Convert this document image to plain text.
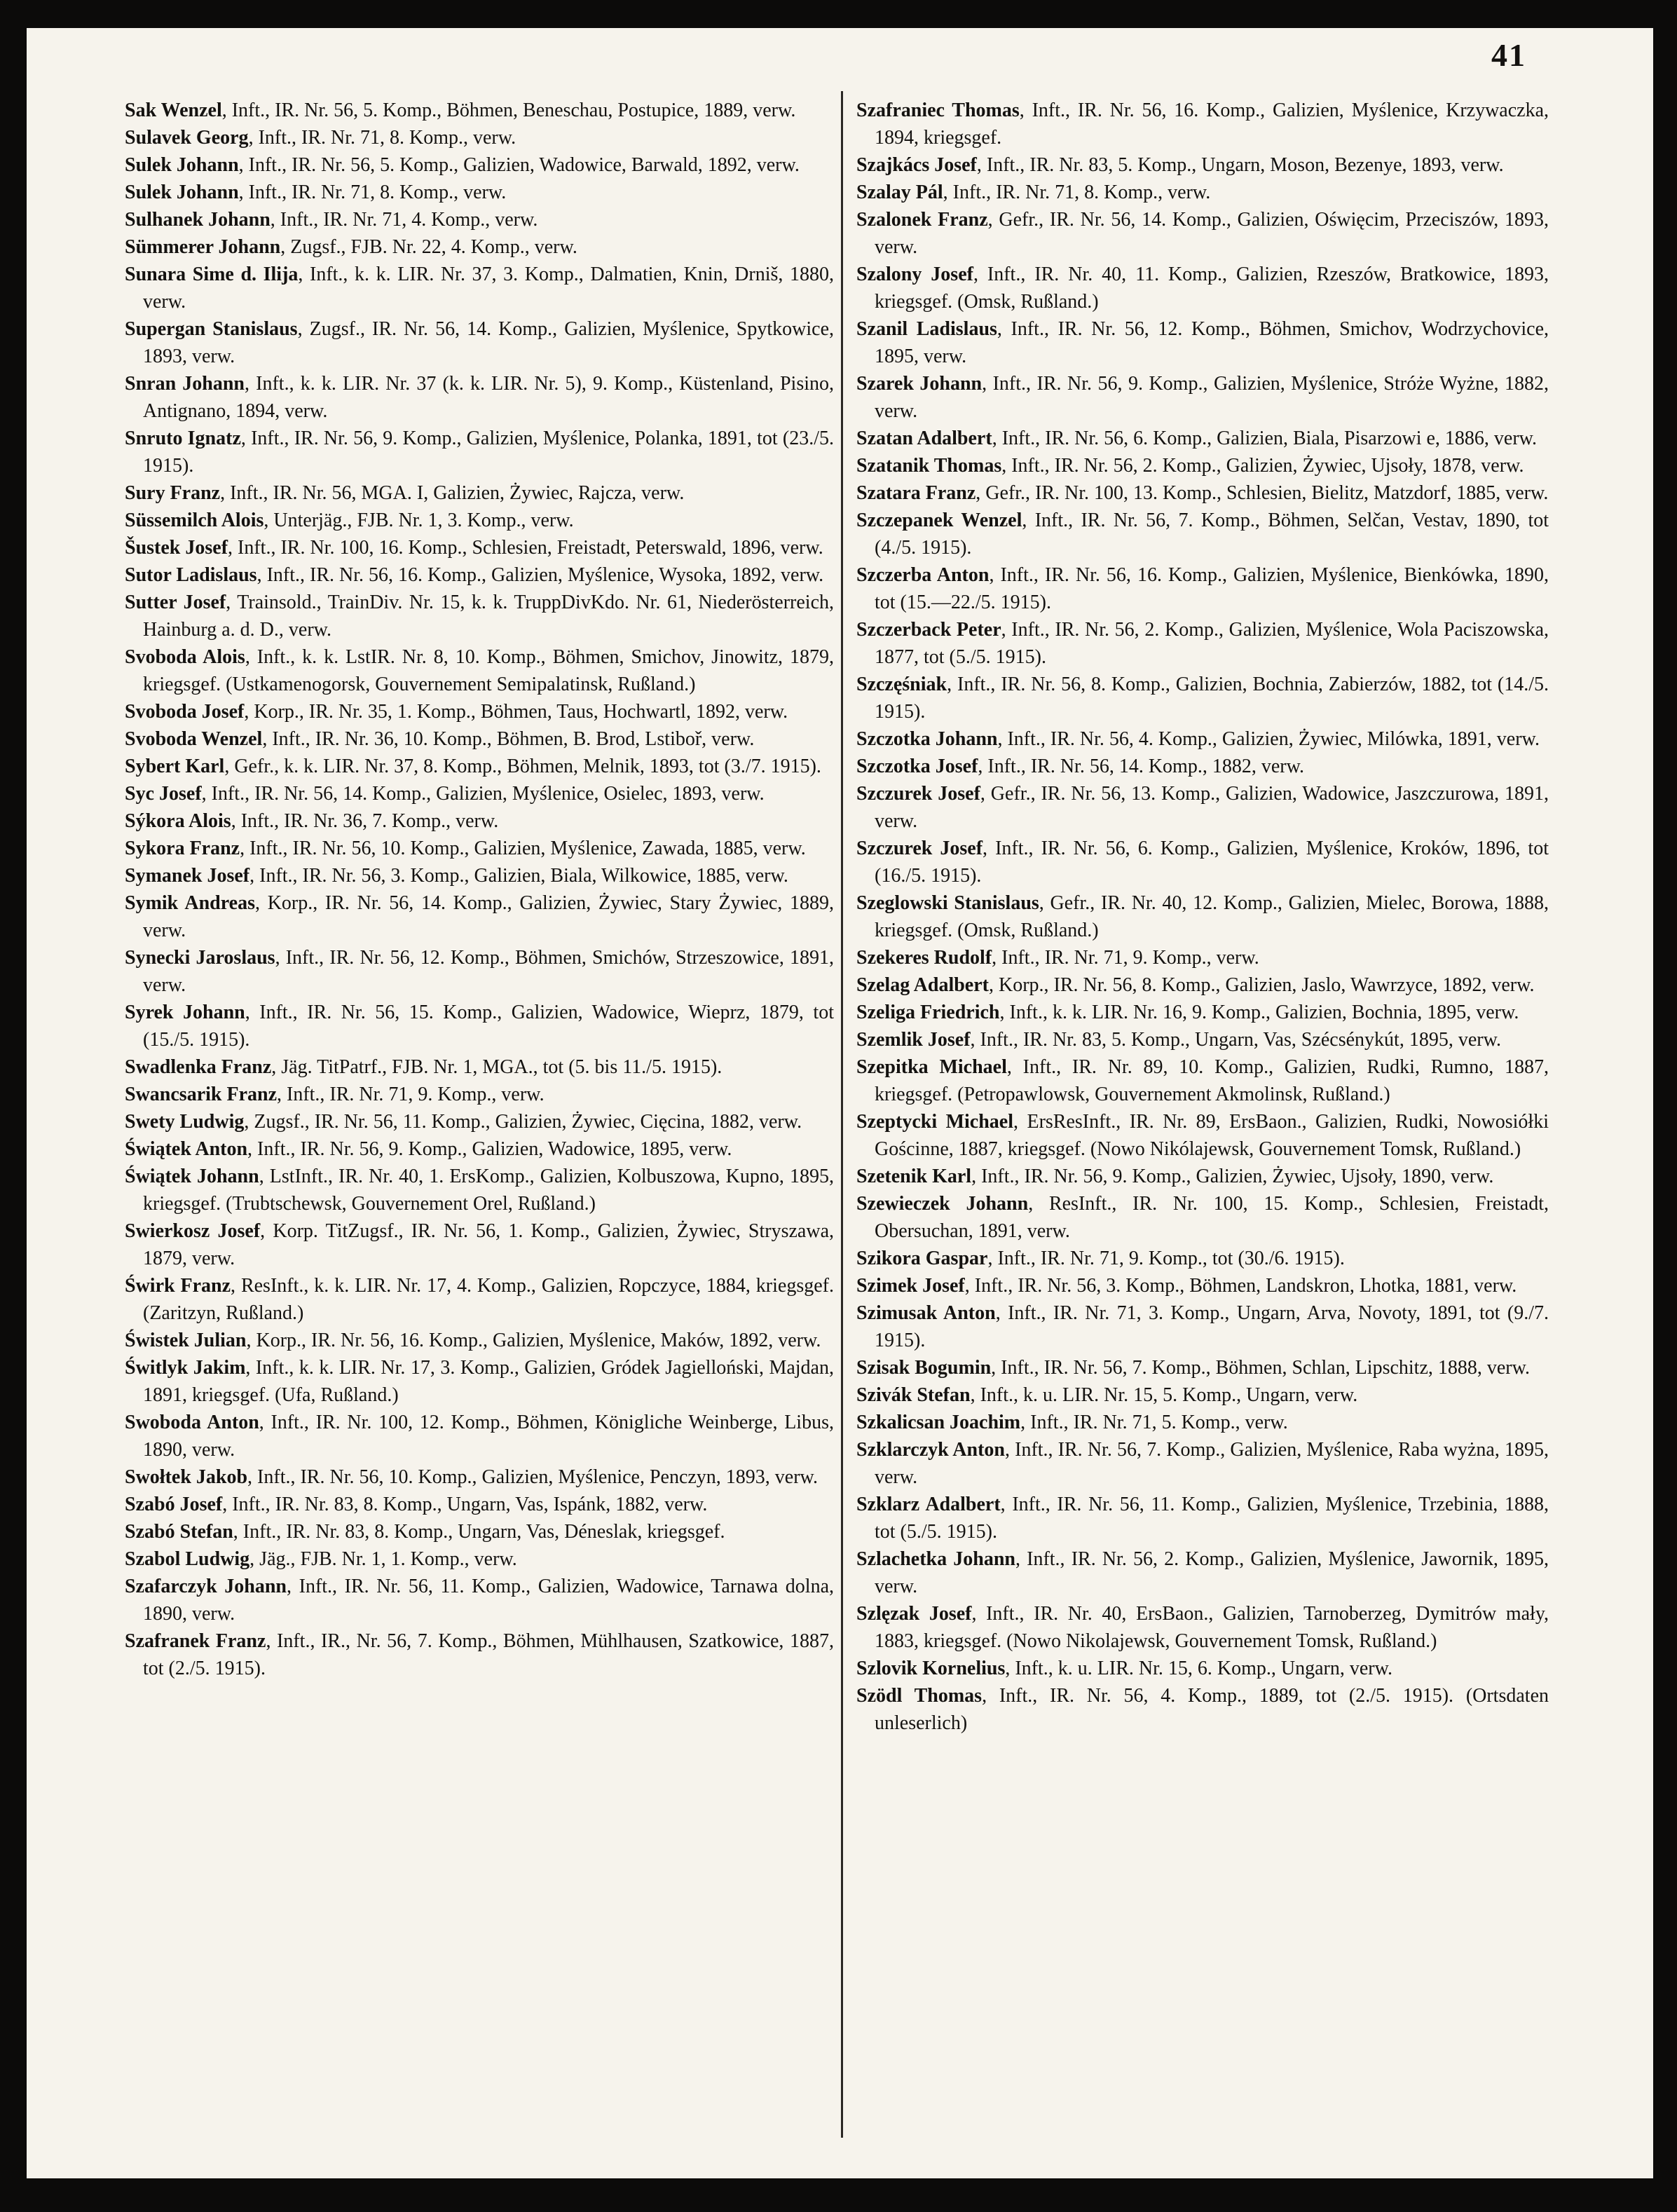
41

Sak Wenzel, Inft., IR. Nr. 56, 5. Komp., Böhmen, Beneschau, Postupice, 1889, verw.
Sulavek Georg, Inft., IR. Nr. 71, 8. Komp., verw.
Sulek Johann, Inft., IR. Nr. 56, 5. Komp., Galizien, Wadowice, Barwald, 1892, verw.
Sulek Johann, Inft., IR. Nr. 71, 8. Komp., verw.
Sulhanek Johann, Inft., IR. Nr. 71, 4. Komp., verw.
Sümmerer Johann, Zugsf., FJB. Nr. 22, 4. Komp., verw.
Sunara Sime d. Ilija, Inft., k. k. LIR. Nr. 37, 3. Komp., Dalmatien, Knin, Drniš, 1880, verw.
Supergan Stanislaus, Zugsf., IR. Nr. 56, 14. Komp., Galizien, Myślenice, Spytkowice, 1893, verw.
Snran Johann, Inft., k. k. LIR. Nr. 37 (k. k. LIR. Nr. 5), 9. Komp., Küstenland, Pisino, Antignano, 1894, verw.
Snruto Ignatz, Inft., IR. Nr. 56, 9. Komp., Galizien, Myślenice, Polanka, 1891, tot (23./5. 1915).
Sury Franz, Inft., IR. Nr. 56, MGA. I, Galizien, Żywiec, Rajcza, verw.
Süssemilch Alois, Unterjäg., FJB. Nr. 1, 3. Komp., verw.
Šustek Josef, Inft., IR. Nr. 100, 16. Komp., Schlesien, Freistadt, Peterswald, 1896, verw.
Sutor Ladislaus, Inft., IR. Nr. 56, 16. Komp., Galizien, Myślenice, Wysoka, 1892, verw.
Sutter Josef, Trainsold., TrainDiv. Nr. 15, k. k. TruppDivKdo. Nr. 61, Niederösterreich, Hainburg a. d. D., verw.
Svoboda Alois, Inft., k. k. LstIR. Nr. 8, 10. Komp., Böhmen, Smichov, Jinowitz, 1879, kriegsgef. (Ustkamenogorsk, Gouvernement Semipalatinsk, Rußland.)
Svoboda Josef, Korp., IR. Nr. 35, 1. Komp., Böhmen, Taus, Hochwartl, 1892, verw.
Svoboda Wenzel, Inft., IR. Nr. 36, 10. Komp., Böhmen, B. Brod, Lstiboř, verw.
Sybert Karl, Gefr., k. k. LIR. Nr. 37, 8. Komp., Böhmen, Melnik, 1893, tot (3./7. 1915).
Syc Josef, Inft., IR. Nr. 56, 14. Komp., Galizien, Myślenice, Osielec, 1893, verw.
Sýkora Alois, Inft., IR. Nr. 36, 7. Komp., verw.
Sykora Franz, Inft., IR. Nr. 56, 10. Komp., Galizien, Myślenice, Zawada, 1885, verw.
Symanek Josef, Inft., IR. Nr. 56, 3. Komp., Galizien, Biala, Wilkowice, 1885, verw.
Symik Andreas, Korp., IR. Nr. 56, 14. Komp., Galizien, Żywiec, Stary Żywiec, 1889, verw.
Synecki Jaroslaus, Inft., IR. Nr. 56, 12. Komp., Böhmen, Smichów, Strzeszowice, 1891, verw.
Syrek Johann, Inft., IR. Nr. 56, 15. Komp., Galizien, Wadowice, Wieprz, 1879, tot (15./5. 1915).
Swadlenka Franz, Jäg. TitPatrf., FJB. Nr. 1, MGA., tot (5. bis 11./5. 1915).
Swancsarik Franz, Inft., IR. Nr. 71, 9. Komp., verw.
Swety Ludwig, Zugsf., IR. Nr. 56, 11. Komp., Galizien, Żywiec, Cięcina, 1882, verw.
Świątek Anton, Inft., IR. Nr. 56, 9. Komp., Galizien, Wadowice, 1895, verw.
Świątek Johann, LstInft., IR. Nr. 40, 1. ErsKomp., Galizien, Kolbuszowa, Kupno, 1895, kriegsgef. (Trubtschewsk, Gouvernement Orel, Rußland.)
Swierkosz Josef, Korp. TitZugsf., IR. Nr. 56, 1. Komp., Galizien, Żywiec, Stryszawa, 1879, verw.
Świrk Franz, ResInft., k. k. LIR. Nr. 17, 4. Komp., Galizien, Ropczyce, 1884, kriegsgef. (Zaritzyn, Rußland.)
Świstek Julian, Korp., IR. Nr. 56, 16. Komp., Galizien, Myślenice, Maków, 1892, verw.
Świtlyk Jakim, Inft., k. k. LIR. Nr. 17, 3. Komp., Galizien, Gródek Jagielloński, Majdan, 1891, kriegsgef. (Ufa, Rußland.)
Swoboda Anton, Inft., IR. Nr. 100, 12. Komp., Böhmen, Königliche Weinberge, Libus, 1890, verw.
Swołtek Jakob, Inft., IR. Nr. 56, 10. Komp., Galizien, Myślenice, Penczyn, 1893, verw.
Szabó Josef, Inft., IR. Nr. 83, 8. Komp., Ungarn, Vas, Ispánk, 1882, verw.
Szabó Stefan, Inft., IR. Nr. 83, 8. Komp., Ungarn, Vas, Déneslak, kriegsgef.
Szabol Ludwig, Jäg., FJB. Nr. 1, 1. Komp., verw.
Szafarczyk Johann, Inft., IR. Nr. 56, 11. Komp., Galizien, Wadowice, Tarnawa dolna, 1890, verw.
Szafranek Franz, Inft., IR., Nr. 56, 7. Komp., Böhmen, Mühlhausen, Szatkowice, 1887, tot (2./5. 1915).
Szafraniec Thomas, Inft., IR. Nr. 56, 16. Komp., Galizien, Myślenice, Krzywaczka, 1894, kriegsgef.
Szajkács Josef, Inft., IR. Nr. 83, 5. Komp., Ungarn, Moson, Bezenye, 1893, verw.
Szalay Pál, Inft., IR. Nr. 71, 8. Komp., verw.
Szalonek Franz, Gefr., IR. Nr. 56, 14. Komp., Galizien, Oświęcim, Przeciszów, 1893, verw.
Szalony Josef, Inft., IR. Nr. 40, 11. Komp., Galizien, Rzeszów, Bratkowice, 1893, kriegsgef. (Omsk, Rußland.)
Szanil Ladislaus, Inft., IR. Nr. 56, 12. Komp., Böhmen, Smichov, Wodrzychovice, 1895, verw.
Szarek Johann, Inft., IR. Nr. 56, 9. Komp., Galizien, Myślenice, Stróże Wyżne, 1882, verw.
Szatan Adalbert, Inft., IR. Nr. 56, 6. Komp., Galizien, Biala, Pisarzowi e, 1886, verw.
Szatanik Thomas, Inft., IR. Nr. 56, 2. Komp., Galizien, Żywiec, Ujsoły, 1878, verw.
Szatara Franz, Gefr., IR. Nr. 100, 13. Komp., Schlesien, Bielitz, Matzdorf, 1885, verw.
Szczepanek Wenzel, Inft., IR. Nr. 56, 7. Komp., Böhmen, Selčan, Vestav, 1890, tot (4./5. 1915).
Szczerba Anton, Inft., IR. Nr. 56, 16. Komp., Galizien, Myślenice, Bienkówka, 1890, tot (15.—22./5. 1915).
Szczerback Peter, Inft., IR. Nr. 56, 2. Komp., Galizien, Myślenice, Wola Paciszowska, 1877, tot (5./5. 1915).
Szczęśniak, Inft., IR. Nr. 56, 8. Komp., Galizien, Bochnia, Zabierzów, 1882, tot (14./5. 1915).
Szczotka Johann, Inft., IR. Nr. 56, 4. Komp., Galizien, Żywiec, Milówka, 1891, verw.
Szczotka Josef, Inft., IR. Nr. 56, 14. Komp., 1882, verw.
Szczurek Josef, Gefr., IR. Nr. 56, 13. Komp., Galizien, Wadowice, Jaszczurowa, 1891, verw.
Szczurek Josef, Inft., IR. Nr. 56, 6. Komp., Galizien, Myślenice, Kroków, 1896, tot (16./5. 1915).
Szeglowski Stanislaus, Gefr., IR. Nr. 40, 12. Komp., Galizien, Mielec, Borowa, 1888, kriegsgef. (Omsk, Rußland.)
Szekeres Rudolf, Inft., IR. Nr. 71, 9. Komp., verw.
Szelag Adalbert, Korp., IR. Nr. 56, 8. Komp., Galizien, Jaslo, Wawrzyce, 1892, verw.
Szeliga Friedrich, Inft., k. k. LIR. Nr. 16, 9. Komp., Galizien, Bochnia, 1895, verw.
Szemlik Josef, Inft., IR. Nr. 83, 5. Komp., Ungarn, Vas, Szécsénykút, 1895, verw.
Szepitka Michael, Inft., IR. Nr. 89, 10. Komp., Galizien, Rudki, Rumno, 1887, kriegsgef. (Petropawlowsk, Gouvernement Akmolinsk, Rußland.)
Szeptycki Michael, ErsResInft., IR. Nr. 89, ErsBaon., Galizien, Rudki, Nowosiółki Gościnne, 1887, kriegsgef. (Nowo Nikólajewsk, Gouvernement Tomsk, Rußland.)
Szetenik Karl, Inft., IR. Nr. 56, 9. Komp., Galizien, Żywiec, Ujsoły, 1890, verw.
Szewieczek Johann, ResInft., IR. Nr. 100, 15. Komp., Schlesien, Freistadt, Obersuchan, 1891, verw.
Szikora Gaspar, Inft., IR. Nr. 71, 9. Komp., tot (30./6. 1915).
Szimek Josef, Inft., IR. Nr. 56, 3. Komp., Böhmen, Landskron, Lhotka, 1881, verw.
Szimusak Anton, Inft., IR. Nr. 71, 3. Komp., Ungarn, Arva, Novoty, 1891, tot (9./7. 1915).
Szisak Bogumin, Inft., IR. Nr. 56, 7. Komp., Böhmen, Schlan, Lipschitz, 1888, verw.
Szivák Stefan, Inft., k. u. LIR. Nr. 15, 5. Komp., Ungarn, verw.
Szkalicsan Joachim, Inft., IR. Nr. 71, 5. Komp., verw.
Szklarczyk Anton, Inft., IR. Nr. 56, 7. Komp., Galizien, Myślenice, Raba wyżna, 1895, verw.
Szklarz Adalbert, Inft., IR. Nr. 56, 11. Komp., Galizien, Myślenice, Trzebinia, 1888, tot (5./5. 1915).
Szlachetka Johann, Inft., IR. Nr. 56, 2. Komp., Galizien, Myślenice, Jawornik, 1895, verw.
Szlęzak Josef, Inft., IR. Nr. 40, ErsBaon., Galizien, Tarnoberzeg, Dymitrów mały, 1883, kriegsgef. (Nowo Nikolajewsk, Gouvernement Tomsk, Rußland.)
Szlovik Kornelius, Inft., k. u. LIR. Nr. 15, 6. Komp., Ungarn, verw.
Szödl Thomas, Inft., IR. Nr. 56, 4. Komp., 1889, tot (2./5. 1915). (Ortsdaten unleserlich)
